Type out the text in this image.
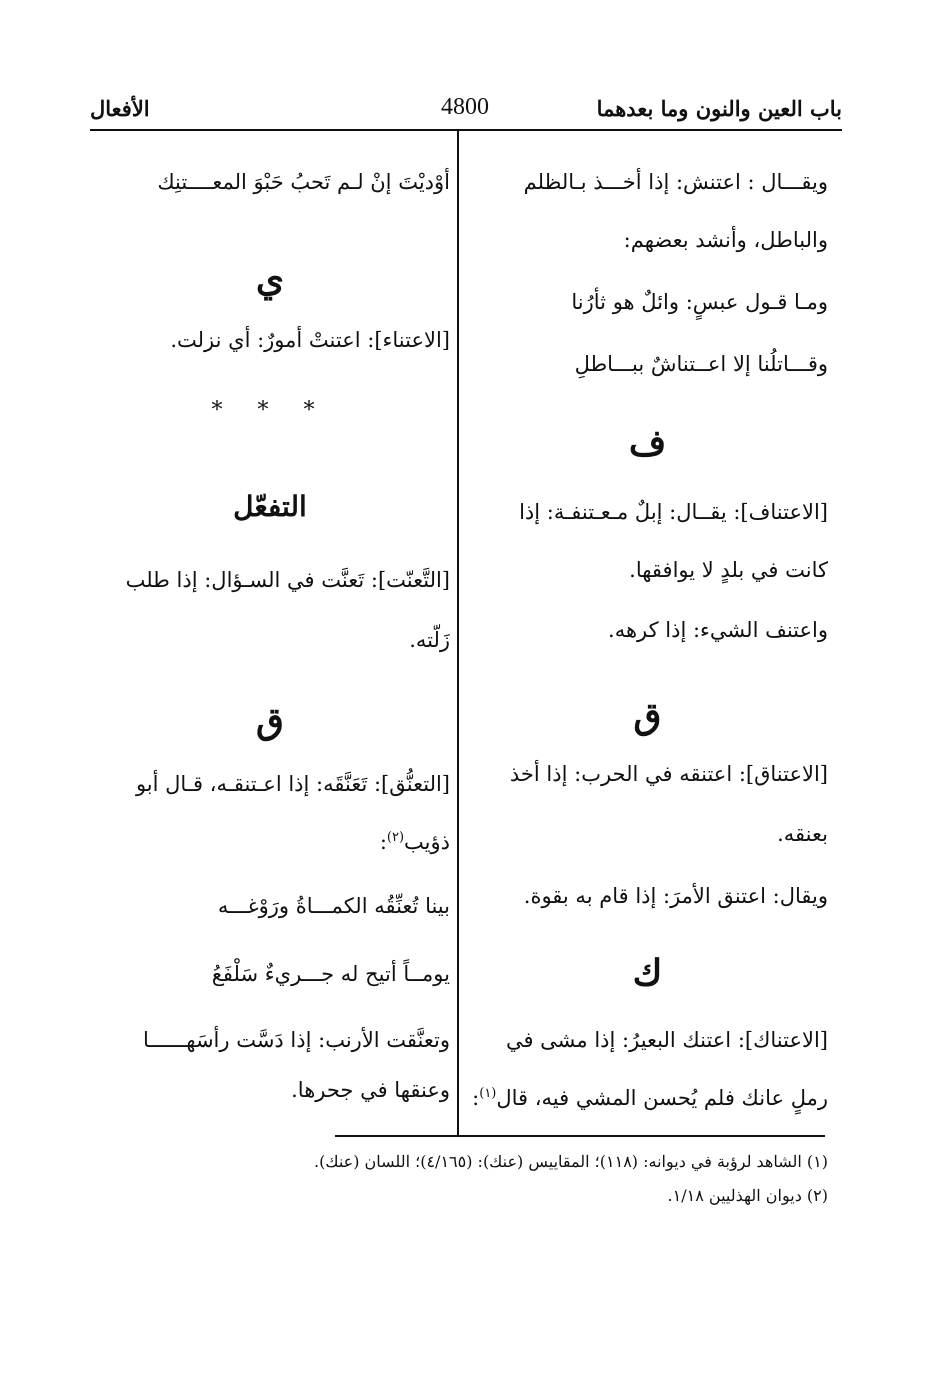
باب العين والنون وما بعدهما
4800
الأفعال
ويقـــال : اعتنش: إذا أخـــذ بـالظلم
والباطل، وأنشد بعضهم:
ومـا قـول عبسٍ: وائلٌ هو ثأرُنا
وقـــاتلُنا إلا اعــتناشٌ ببـــاطلِ
ف
[الاعتناف]: يقــال: إبلٌ مـعـتنفـة: إذا
كانت في بلدٍ لا يوافقها.
واعتنف الشيء: إذا كرهه.
ق
[الاعتناق]: اعتنقه في الحرب: إذا أخذ
بعنقه.
ويقال: اعتنق الأمرَ: إذا قام به بقوة.
ك
[الاعتناك]: اعتنك البعيرُ: إذا مشى في
رملٍ عانك فلم يُحسن المشي فيه، قال$^{(١)}$:
أوْديْتَ إنْ لـم تَحبُ حَبْوَ المعــــتنِك
ي
[الاعتناء]: اعتنتْ أمورٌ: أي نزلت.
* * *
التفعّل
[التَّعنّت]: تَعنَّت في السـؤال: إذا طلب
زَلّته.
ق
[التعنُّق]: تَعَنَّقَه: إذا اعـتنقـه، قـال أبو
ذؤيب$^{(٢)}$:
بينا تُعنِّقُه الكمـــاةُ ورَوْغـــه
يومــاً أتيح له جـــريءٌ سَلْفَعُ
وتعنَّقت الأرنب: إذا دَسَّت رأسَهــــــا
وعنقها في جحرها.
(١) الشاهد لرؤبة في ديوانه: (١١٨)؛ المقاييس (عنك): (٤/١٦٥)؛ اللسان (عنك).
(٢) ديوان الهذليين ١/١٨.
